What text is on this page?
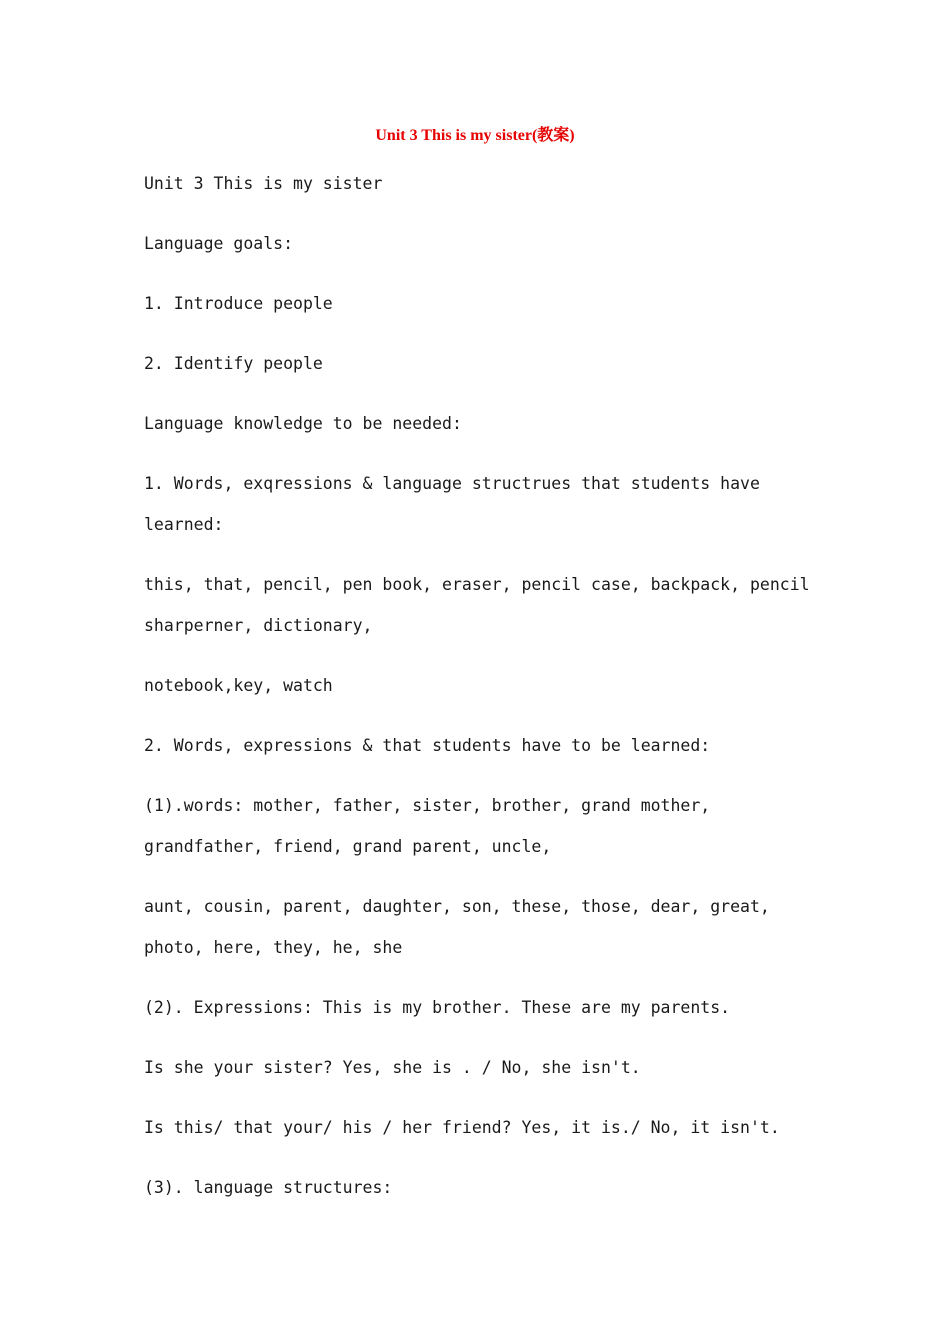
Unit 3 This is my sister(教案)

Unit 3 This is my sister

Language goals:

1. Introduce people

2. Identify people

Language knowledge to be needed:

1. Words, exqressions & language structrues that students have

learned:

this, that, pencil, pen book, eraser, pencil case, backpack, pencil

sharperner, dictionary,

notebook,key, watch

2. Words, expressions & that students have to be learned:

(1).words: mother, father, sister, brother, grand mother,

grandfather, friend, grand parent, uncle,

aunt, cousin, parent, daughter, son, these, those, dear, great,

photo, here, they, he, she

(2). Expressions: This is my brother. These are my parents.

Is she your sister? Yes, she is . / No, she isn't.

Is this/ that your/ his / her friend? Yes, it is./ No, it isn't.

(3). language structures:
